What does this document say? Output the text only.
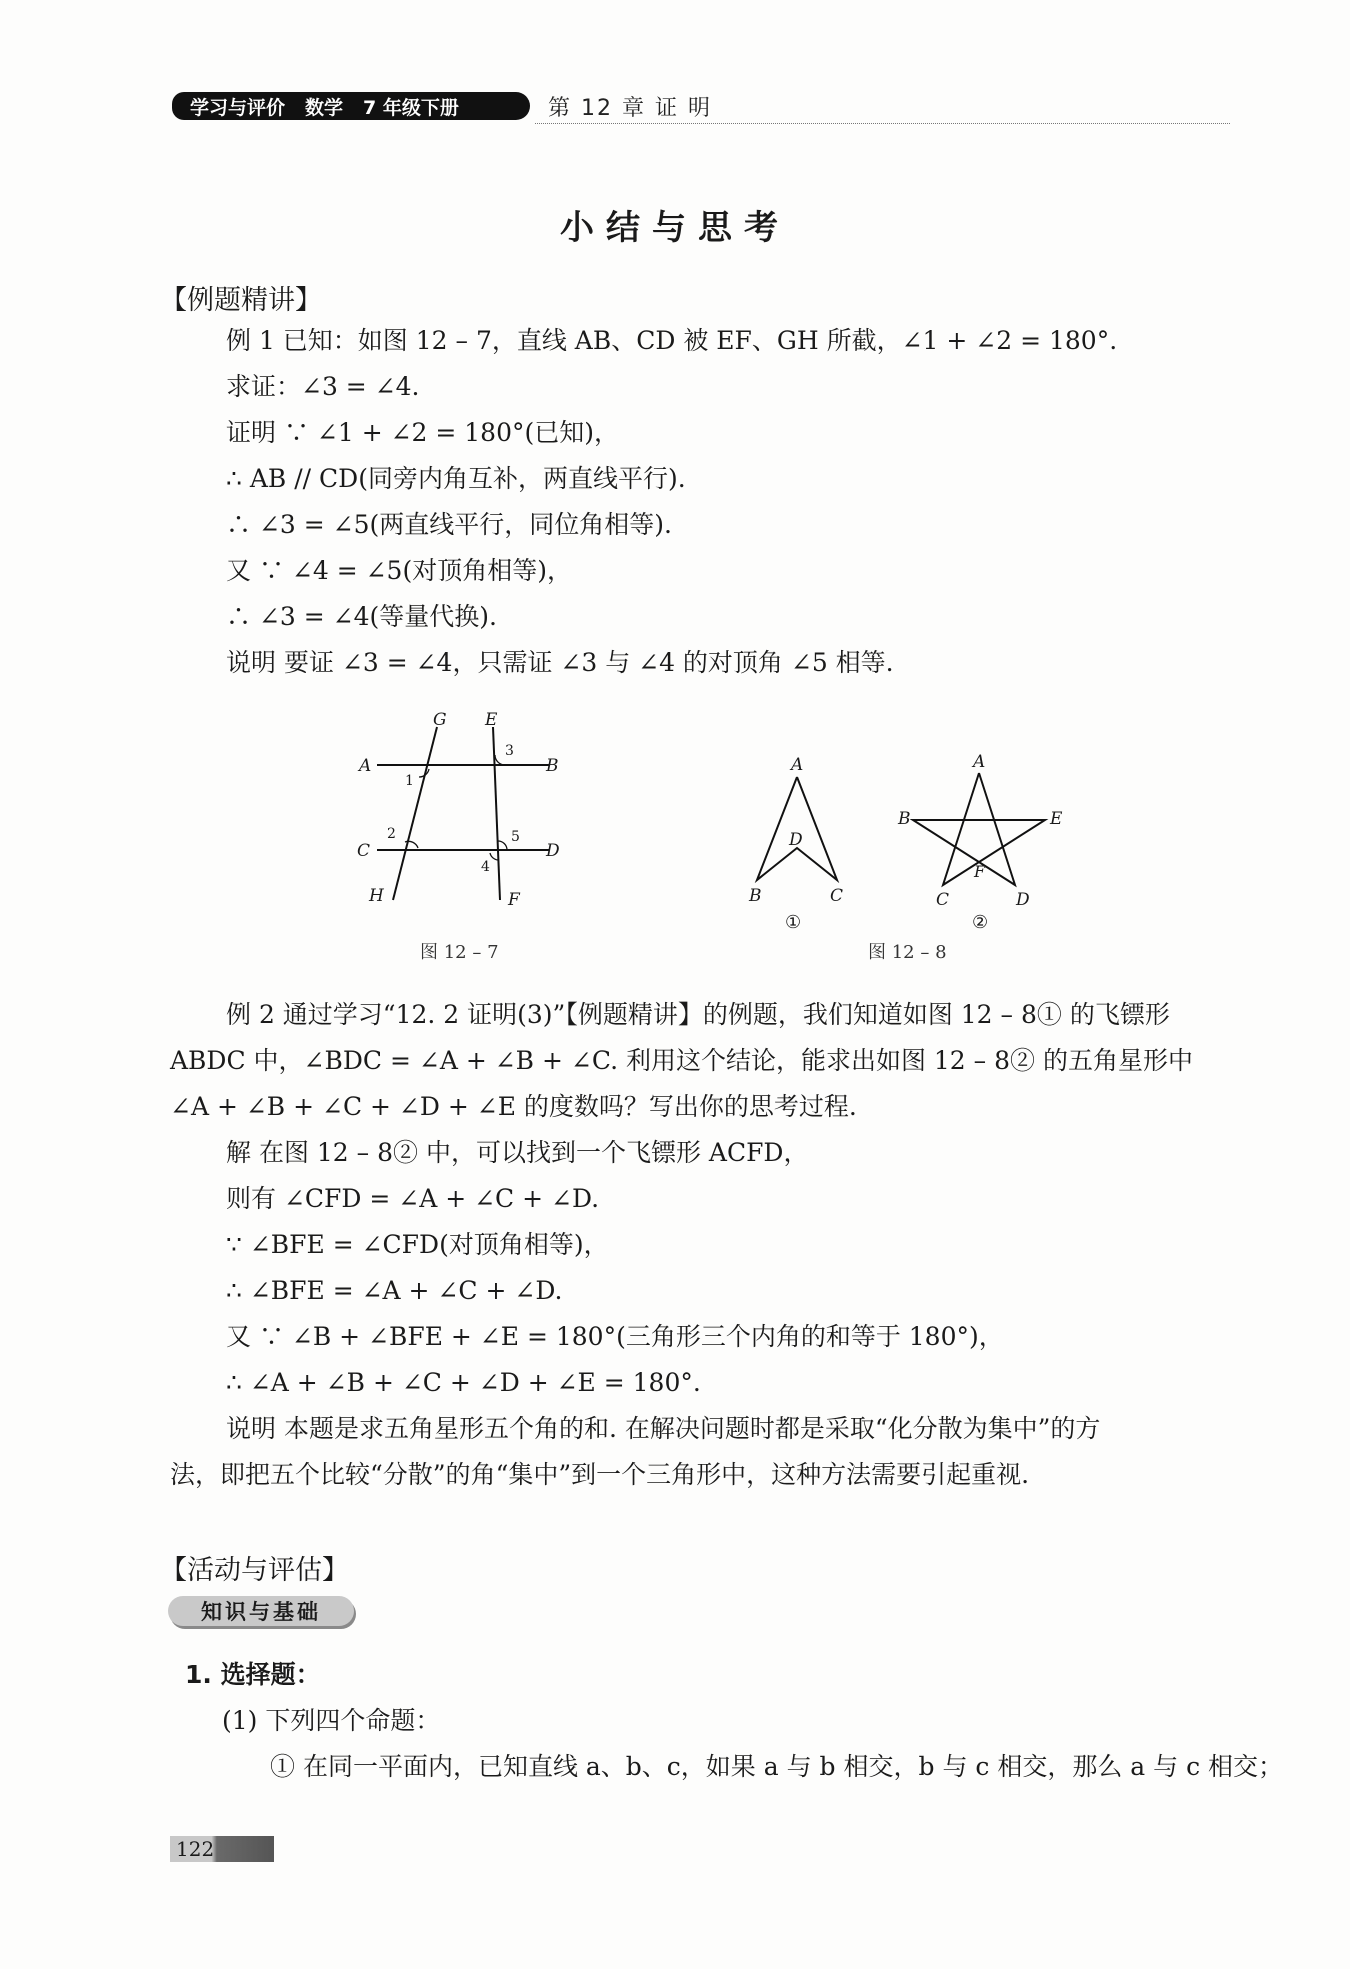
学习与评价 数学 7 年级下册	第 12 章 证 明
小结与思考
【例题精讲】
例 1 已知：如图 12 – 7，直线 AB、CD 被 EF、GH 所截，∠1 + ∠2 = 180°.
求证：∠3 = ∠4.
证明 ∵ ∠1 + ∠2 = 180°(已知)，
∴ AB // CD(同旁内角互补，两直线平行).
∴ ∠3 = ∠5(两直线平行，同位角相等).
又 ∵ ∠4 = ∠5(对顶角相等)，
∴ ∠3 = ∠4(等量代换).
说明 要证 ∠3 = ∠4，只需证 ∠3 与 ∠4 的对顶角 ∠5 相等.
G E
A	B
C	D
H	F
1
2
3
4
5
图 12 – 7
A
D
B	C
①
A
B	E
C	D
F
②
图 12 – 8
例 2 通过学习“12. 2 证明(3)”【例题精讲】的例题，我们知道如图 12 – 8① 的飞镖形
ABDC 中，∠BDC = ∠A + ∠B + ∠C. 利用这个结论，能求出如图 12 – 8② 的五角星形中
∠A + ∠B + ∠C + ∠D + ∠E 的度数吗？写出你的思考过程.
解 在图 12 – 8② 中，可以找到一个飞镖形 ACFD，
则有 ∠CFD = ∠A + ∠C + ∠D.
∵ ∠BFE = ∠CFD(对顶角相等)，
∴ ∠BFE = ∠A + ∠C + ∠D.
又 ∵ ∠B + ∠BFE + ∠E = 180°(三角形三个内角的和等于 180°)，
∴ ∠A + ∠B + ∠C + ∠D + ∠E = 180°.
说明 本题是求五角星形五个角的和. 在解决问题时都是采取“化分散为集中”的方
法，即把五个比较“分散”的角“集中”到一个三角形中，这种方法需要引起重视.
【活动与评估】
知识与基础
1. 选择题：
(1) 下列四个命题：
① 在同一平面内，已知直线 a、b、c，如果 a 与 b 相交，b 与 c 相交，那么 a 与 c 相交；
122
